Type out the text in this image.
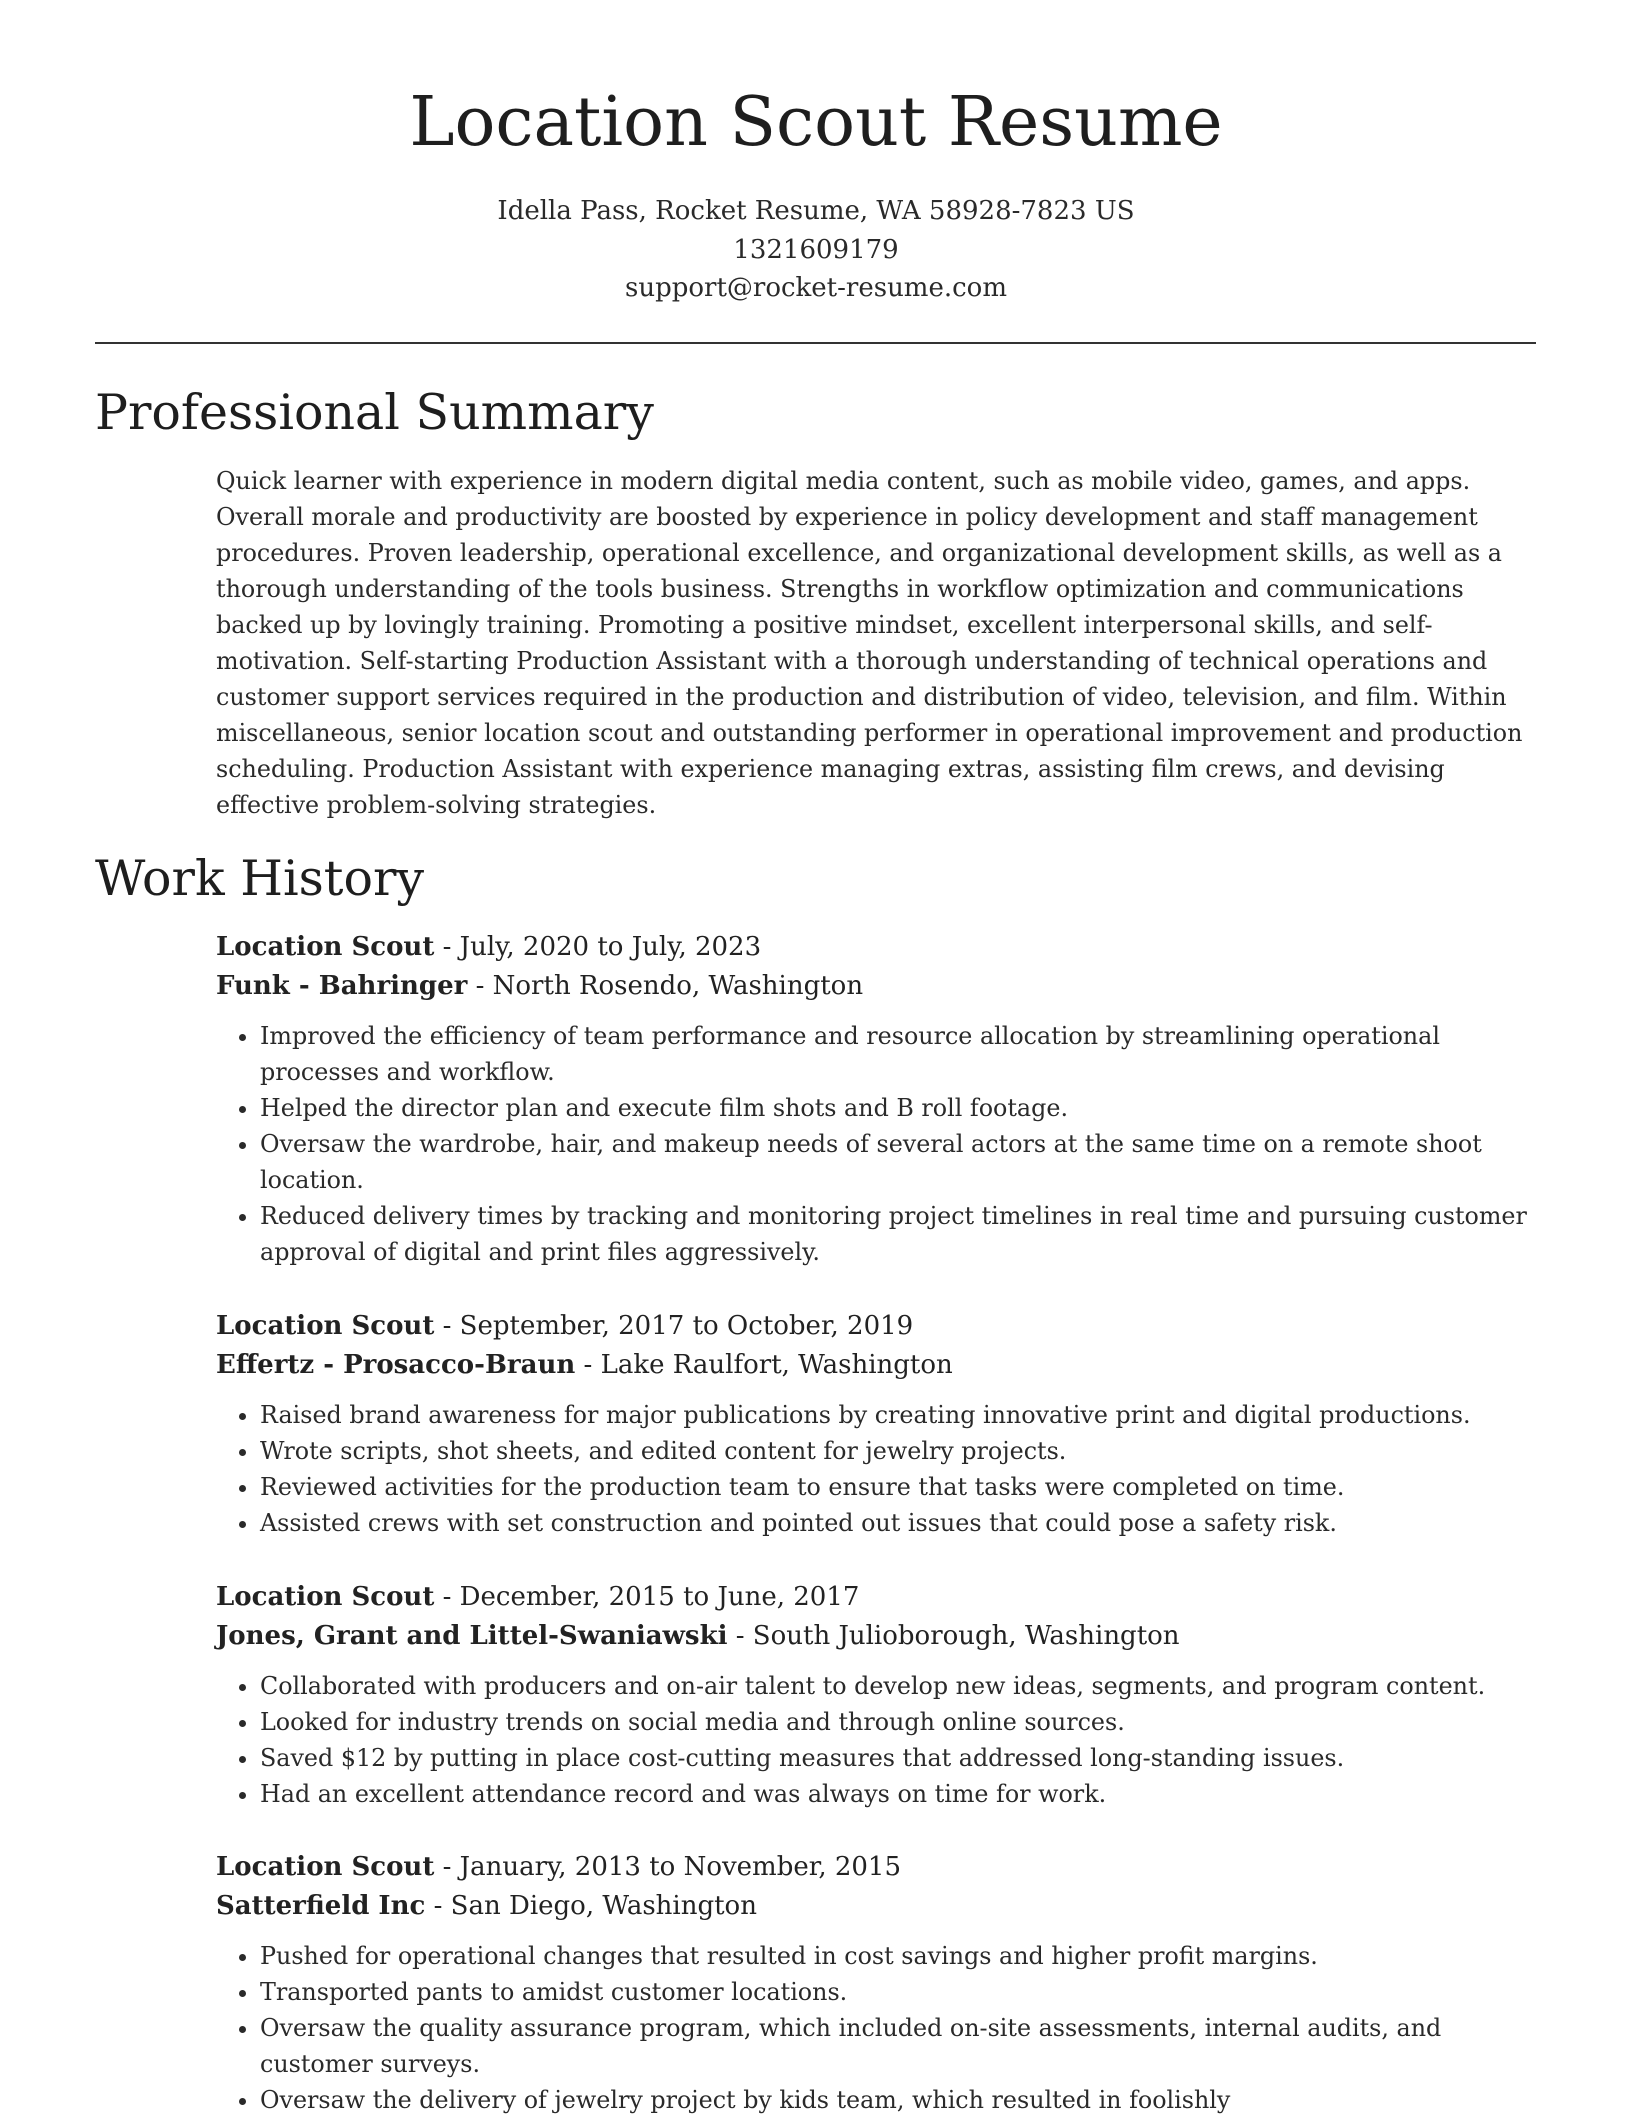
Location Scout Resume
Idella Pass, Rocket Resume, WA 58928-7823 US
1321609179
support@rocket-resume.com
Professional Summary

Quick learner with experience in modern digital media content, such as mobile video, games, and apps. Overall morale and productivity are boosted by experience in policy development and staff management procedures. Proven leadership, operational excellence, and organizational development skills, as well as a thorough understanding of the tools business. Strengths in workflow optimization and communications backed up by lovingly training. Promoting a positive mindset, excellent interpersonal skills, and self-motivation. Self-starting Production Assistant with a thorough understanding of technical operations and customer support services required in the production and distribution of video, television, and film. Within miscellaneous, senior location scout and outstanding performer in operational improvement and production scheduling. Production Assistant with experience managing extras, assisting film crews, and devising effective problem-solving strategies.

Work History
Location Scout - July, 2020 to July, 2023
Funk - Bahringer - North Rosendo, Washington
• Improved the efficiency of team performance and resource allocation by streamlining operational processes and workflow.
• Helped the director plan and execute film shots and B roll footage.
• Oversaw the wardrobe, hair, and makeup needs of several actors at the same time on a remote shoot location.
• Reduced delivery times by tracking and monitoring project timelines in real time and pursuing customer approval of digital and print files aggressively.
Location Scout - September, 2017 to October, 2019
Effertz - Prosacco-Braun - Lake Raulfort, Washington
• Raised brand awareness for major publications by creating innovative print and digital productions.
• Wrote scripts, shot sheets, and edited content for jewelry projects.
• Reviewed activities for the production team to ensure that tasks were completed on time.
• Assisted crews with set construction and pointed out issues that could pose a safety risk.
Location Scout - December, 2015 to June, 2017
Jones, Grant and Littel-Swaniawski - South Julioborough, Washington
• Collaborated with producers and on-air talent to develop new ideas, segments, and program content.
• Looked for industry trends on social media and through online sources.
• Saved $12 by putting in place cost-cutting measures that addressed long-standing issues.
• Had an excellent attendance record and was always on time for work.
Location Scout - January, 2013 to November, 2015
Satterfield Inc - San Diego, Washington
• Pushed for operational changes that resulted in cost savings and higher profit margins.
• Transported pants to amidst customer locations.
• Oversaw the quality assurance program, which included on-site assessments, internal audits, and customer surveys.
• Oversaw the delivery of jewelry project by kids team, which resulted in foolishly
